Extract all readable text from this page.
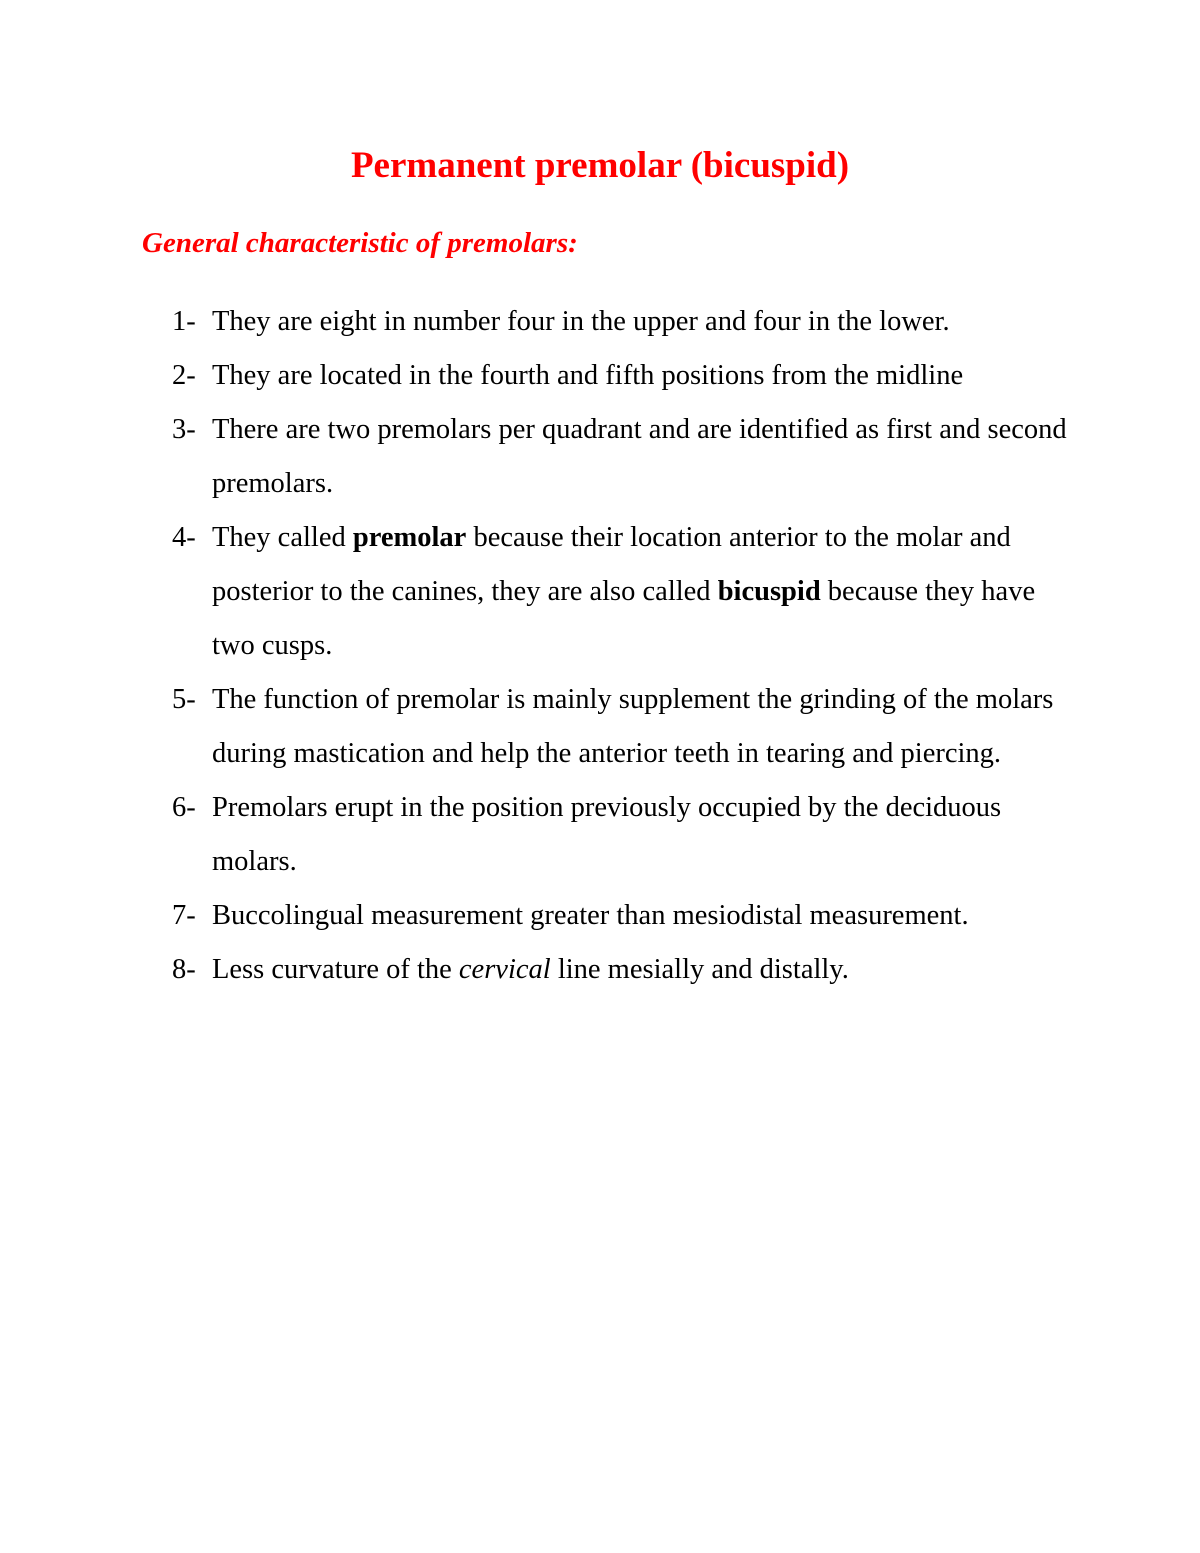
Permanent premolar (bicuspid)
General characteristic of premolars:
1- They are eight in number four in the upper and four in the lower.
2- They are located in the fourth and fifth positions from the midline
3- There are two premolars per quadrant and are identified as first and second premolars.
4- They called premolar because their location anterior to the molar and posterior to the canines, they are also called bicuspid because they have two cusps.
5- The function of premolar is mainly supplement the grinding of the molars during mastication and help the anterior teeth in tearing and piercing.
6- Premolars erupt in the position previously occupied by the deciduous molars.
7- Buccolingual measurement greater than mesiodistal measurement.
8- Less curvature of the cervical line mesially and distally.
